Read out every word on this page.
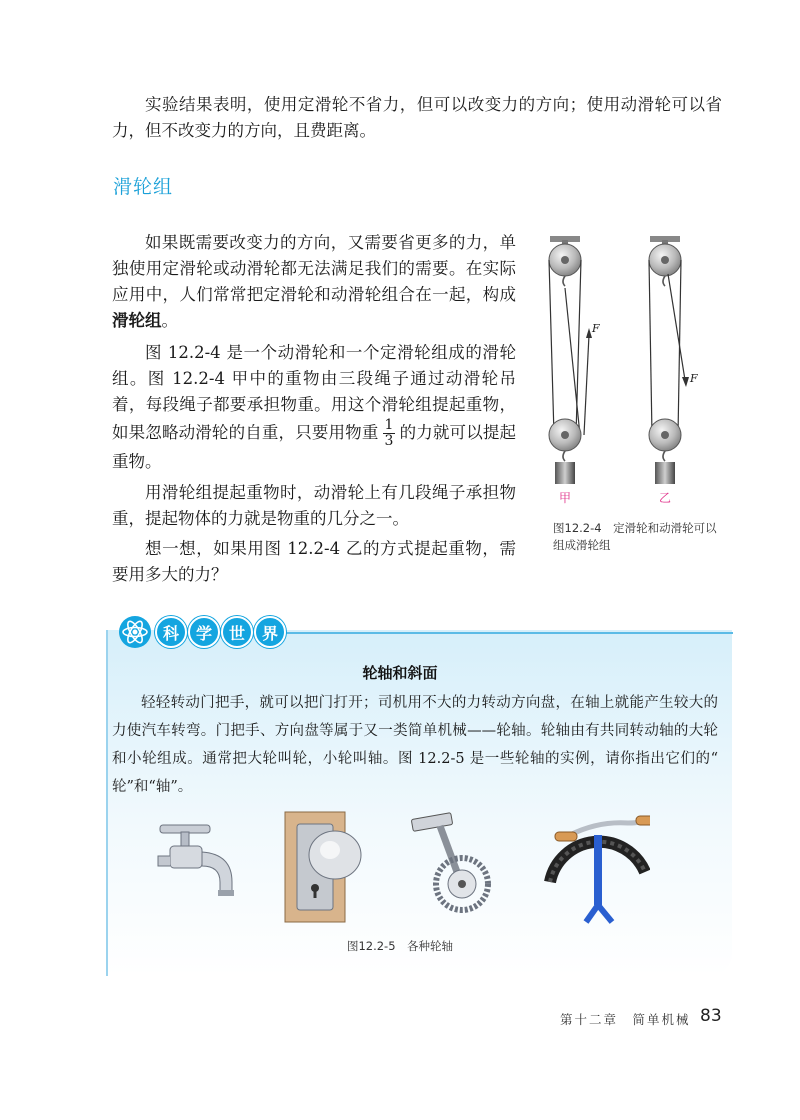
实验结果表明，使用定滑轮不省力，但可以改变力的方向；使用动滑轮可以省力，但不改变力的方向，且费距离。

滑轮组

如果既需要改变力的方向，又需要省更多的力，单独使用定滑轮或动滑轮都无法满足我们的需要。在实际应用中，人们常常把定滑轮和动滑轮组合在一起，构成滑轮组。

图 12.2-4 是一个动滑轮和一个定滑轮组成的滑轮组。图 12.2-4 甲中的重物由三段绳子通过动滑轮吊着，每段绳子都要承担物重。用这个滑轮组提起重物，如果忽略动滑轮的自重，只要用物重 $\frac{1}{3}$ 的力就可以提起重物。

用滑轮组提起重物时，动滑轮上有几段绳子承担物重，提起物体的力就是物重的几分之一。

想一想，如果用图 12.2-4 乙的方式提起重物，需要用多大的力？

F
F
甲	乙
图12.2-4　定滑轮和动滑轮可以组成滑轮组
科	学	世	界
轮轴和斜面

轻轻转动门把手，就可以把门打开；司机用不大的力转动方向盘，在轴上就能产生较大的力使汽车转弯。门把手、方向盘等属于又一类简单机械——轮轴。轮轴由有共同转动轴的大轮和小轮组成。通常把大轮叫轮，小轮叫轴。图 12.2-5 是一些轮轴的实例，请你指出它们的“ 轮”和“轴”。

图12.2-5　各种轮轴
第十二章　简单机械 83
